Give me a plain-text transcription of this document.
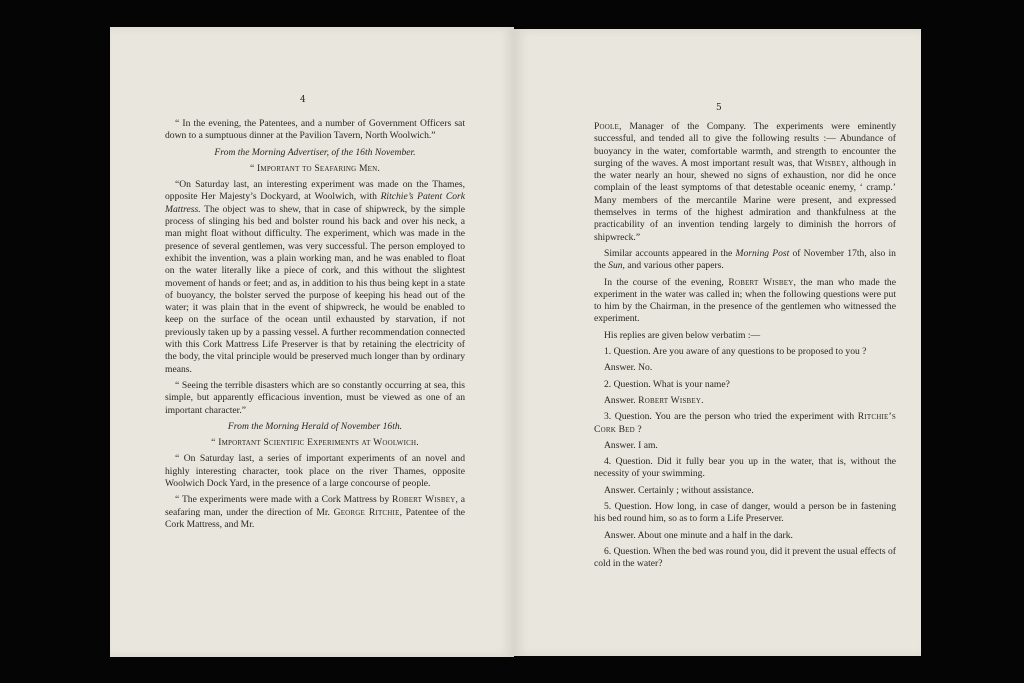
4

“ In the evening, the Patentees, and a number of Government Officers sat down to a sumptuous dinner at the Pavilion Tavern, North Woolwich.”

From the Morning Advertiser, of the 16th November.

“ Important to Seafaring Men.

“On Saturday last, an interesting experiment was made on the Thames, opposite Her Majesty’s Dockyard, at Woolwich, with Ritchie’s Patent Cork Mattress. The object was to shew, that in case of shipwreck, by the simple process of slinging his bed and bolster round his back and over his neck, a man might float without difficulty. The experiment, which was made in the presence of several gentlemen, was very successful. The person employed to exhibit the invention, was a plain working man, and he was enabled to float on the water literally like a piece of cork, and this without the slightest movement of hands or feet; and as, in addition to his thus being kept in a state of buoyancy, the bolster served the purpose of keeping his head out of the water; it was plain that in the event of shipwreck, he would be enabled to keep on the surface of the ocean until exhausted by starvation, if not previously taken up by a passing vessel. A further recommendation connected with this Cork Mattress Life Preserver is that by retaining the electricity of the body, the vital principle would be preserved much longer than by ordinary means.

“ Seeing the terrible disasters which are so constantly occurring at sea, this simple, but apparently efficacious invention, must be viewed as one of an important character.”

From the Morning Herald of November 16th.

“ Important Scientific Experiments at Woolwich.

“ On Saturday last, a series of important experiments of an novel and highly interesting character, took place on the river Thames, opposite Woolwich Dock Yard, in the presence of a large concourse of people.

“ The experiments were made with a Cork Mattress by Robert Wisbey, a seafaring man, under the direction of Mr. George Ritchie, Patentee of the Cork Mattress, and Mr.

5

Poole, Manager of the Company. The experiments were eminently successful, and tended all to give the following results :— Abundance of buoyancy in the water, comfortable warmth, and strength to encounter the surging of the waves. A most important result was, that Wisbey, although in the water nearly an hour, shewed no signs of exhaustion, nor did he once complain of the least symptoms of that detestable oceanic enemy, ‘ cramp.’ Many members of the mercantile Marine were present, and expressed themselves in terms of the highest admiration and thankfulness at the practicability of an invention tending largely to diminish the horrors of shipwreck.”

Similar accounts appeared in the Morning Post of November 17th, also in the Sun, and various other papers.

In the course of the evening, Robert Wisbey, the man who made the experiment in the water was called in; when the following questions were put to him by the Chairman, in the presence of the gentlemen who witnessed the experiment.

His replies are given below verbatim :—

1. Question. Are you aware of any questions to be proposed to you ?

Answer. No.

2. Question. What is your name?

Answer. Robert Wisbey.

3. Question. You are the person who tried the experiment with Ritchie’s Cork Bed ?

Answer. I am.

4. Question. Did it fully bear you up in the water, that is, without the necessity of your swimming.

Answer. Certainly ; without assistance.

5. Question. How long, in case of danger, would a person be in fastening his bed round him, so as to form a Life Preserver.

Answer. About one minute and a half in the dark.

6. Question. When the bed was round you, did it prevent the usual effects of cold in the water?
